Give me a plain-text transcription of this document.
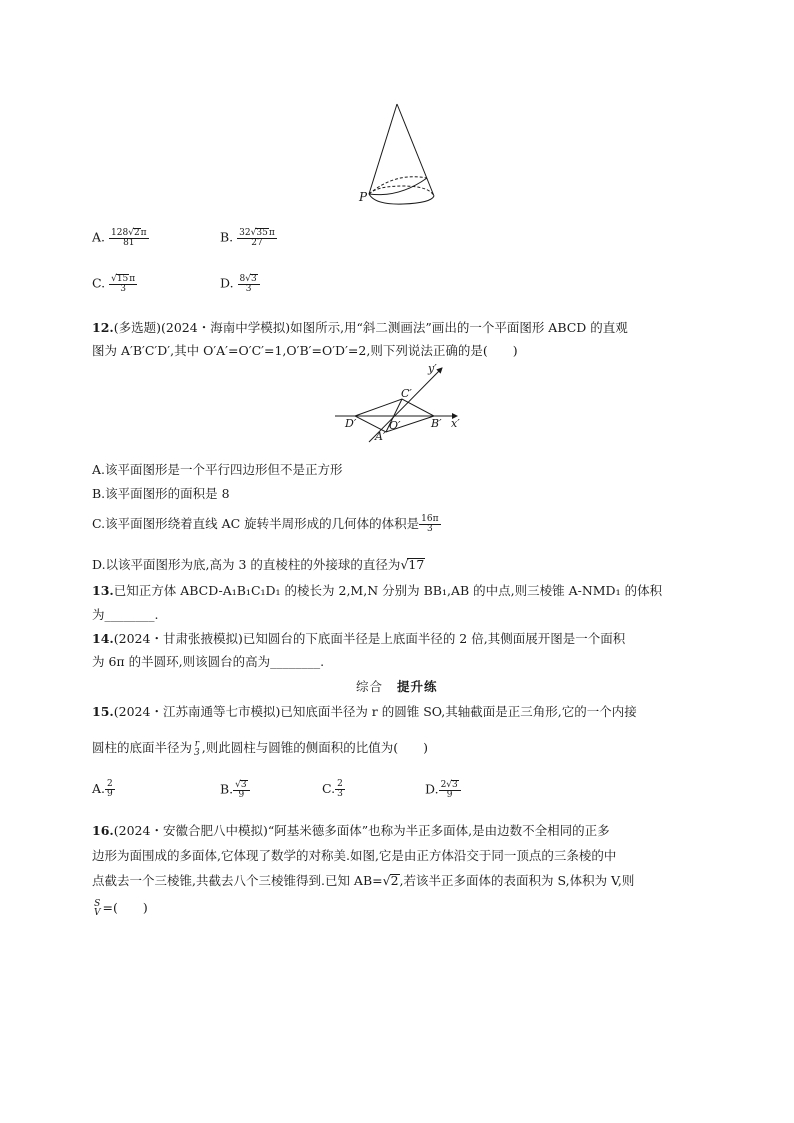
P
A. $\frac{128√2\pi}{81}$	B. $\frac{32√35\pi}{27}$
C. $\frac{√15\pi}{3}$	D. $\frac{8√3}{3}$
12.(多选题)(2024・海南中学模拟)如图所示,用“斜二测画法”画出的一个平面图形 ABCD 的直观
图为 A′B′C′D′,其中 O′A′=O′C′=1,O′B′=O′D′=2,则下列说法正确的是(　　)
y′
C′
D′	O′	B′ x′
A′
A.该平面图形是一个平行四边形但不是正方形
B.该平面图形的面积是 8
C.该平面图形绕着直线 AC 旋转半周形成的几何体的体积是 $\frac{16\pi}{3}$
D.以该平面图形为底,高为 3 的直棱柱的外接球的直径为√17
13.已知正方体 ABCD-A₁B₁C₁D₁ 的棱长为 2,M,N 分别为 BB₁,AB 的中点,则三棱锥 A-NMD₁ 的体积
为________.
14.(2024・甘肃张掖模拟)已知圆台的下底面半径是上底面半径的 2 倍,其侧面展开图是一个面积
为 6π 的半圆环,则该圆台的高为________.
综合 提升练
15.(2024・江苏南通等七市模拟)已知底面半径为 r 的圆锥 SO,其轴截面是正三角形,它的一个内接
圆柱的底面半径为 r
3 ,则此圆柱与圆锥的侧面积的比值为(　　)
A. $\frac{2}{9}$	B. $\frac{√3}{9}$	C. $\frac{2}{3}$	D. $\frac{2√3}{9}$
16.(2024・安徽合肥八中模拟)“阿基米德多面体”也称为半正多面体,是由边数不全相同的正多
边形为面围成的多面体,它体现了数学的对称美.如图,它是由正方体沿交于同一顶点的三条棱的中
点截去一个三棱锥,共截去八个三棱锥得到.已知 AB=√2,若该半正多面体的表面积为 S,体积为 V,则
S
V =(　　)
